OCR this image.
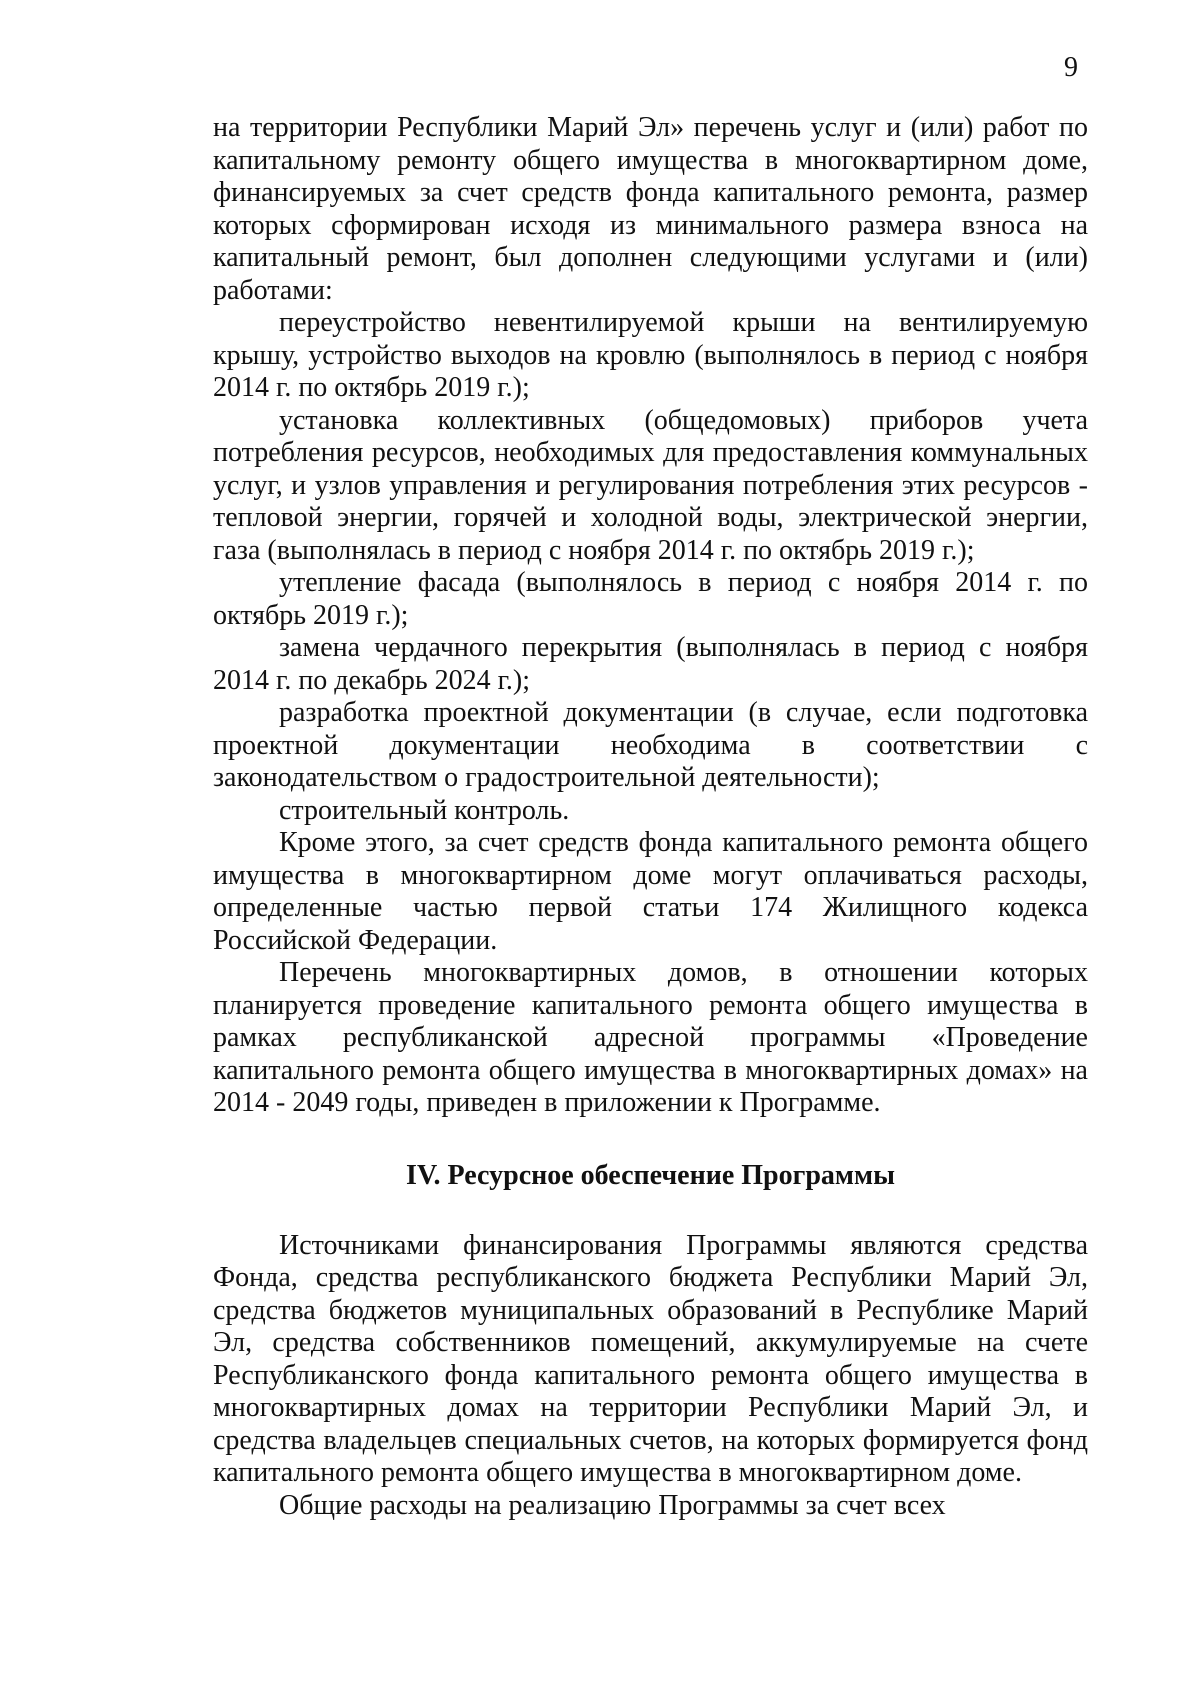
9

на территории Республики Марий Эл» перечень услуг и (или) работ по капитальному ремонту общего имущества в многоквартирном доме, финансируемых за счет средств фонда капитального ремонта, размер которых сформирован исходя из минимального размера взноса на капитальный ремонт, был дополнен следующими услугами и (или) работами:

переустройство невентилируемой крыши на вентилируемую крышу, устройство выходов на кровлю (выполнялось в период с ноября 2014 г. по октябрь 2019 г.);

установка коллективных (общедомовых) приборов учета потребления ресурсов, необходимых для предоставления коммунальных услуг, и узлов управления и регулирования потребления этих ресурсов - тепловой энергии, горячей и холодной воды, электрической энергии, газа (выполнялась в период с ноября 2014 г. по октябрь 2019 г.);

утепление фасада (выполнялось в период с ноября 2014 г. по октябрь 2019 г.);

замена чердачного перекрытия (выполнялась в период с ноября 2014 г. по декабрь 2024 г.);

разработка проектной документации (в случае, если подготовка проектной документации необходима в соответствии с законодательством о градостроительной деятельности);

строительный контроль.

Кроме этого, за счет средств фонда капитального ремонта общего имущества в многоквартирном доме могут оплачиваться расходы, определенные частью первой статьи 174 Жилищного кодекса Российской Федерации.

Перечень многоквартирных домов, в отношении которых планируется проведение капитального ремонта общего имущества в рамках республиканской адресной программы «Проведение капитального ремонта общего имущества в многоквартирных домах» на 2014 - 2049 годы, приведен в приложении к Программе.

IV. Ресурсное обеспечение Программы

Источниками финансирования Программы являются средства Фонда, средства республиканского бюджета Республики Марий Эл, средства бюджетов муниципальных образований в Республике Марий Эл, средства собственников помещений, аккумулируемые на счете Республиканского фонда капитального ремонта общего имущества в многоквартирных домах на территории Республики Марий Эл, и средства владельцев специальных счетов, на которых формируется фонд капитального ремонта общего имущества в многоквартирном доме.

Общие расходы на реализацию Программы за счет всех
